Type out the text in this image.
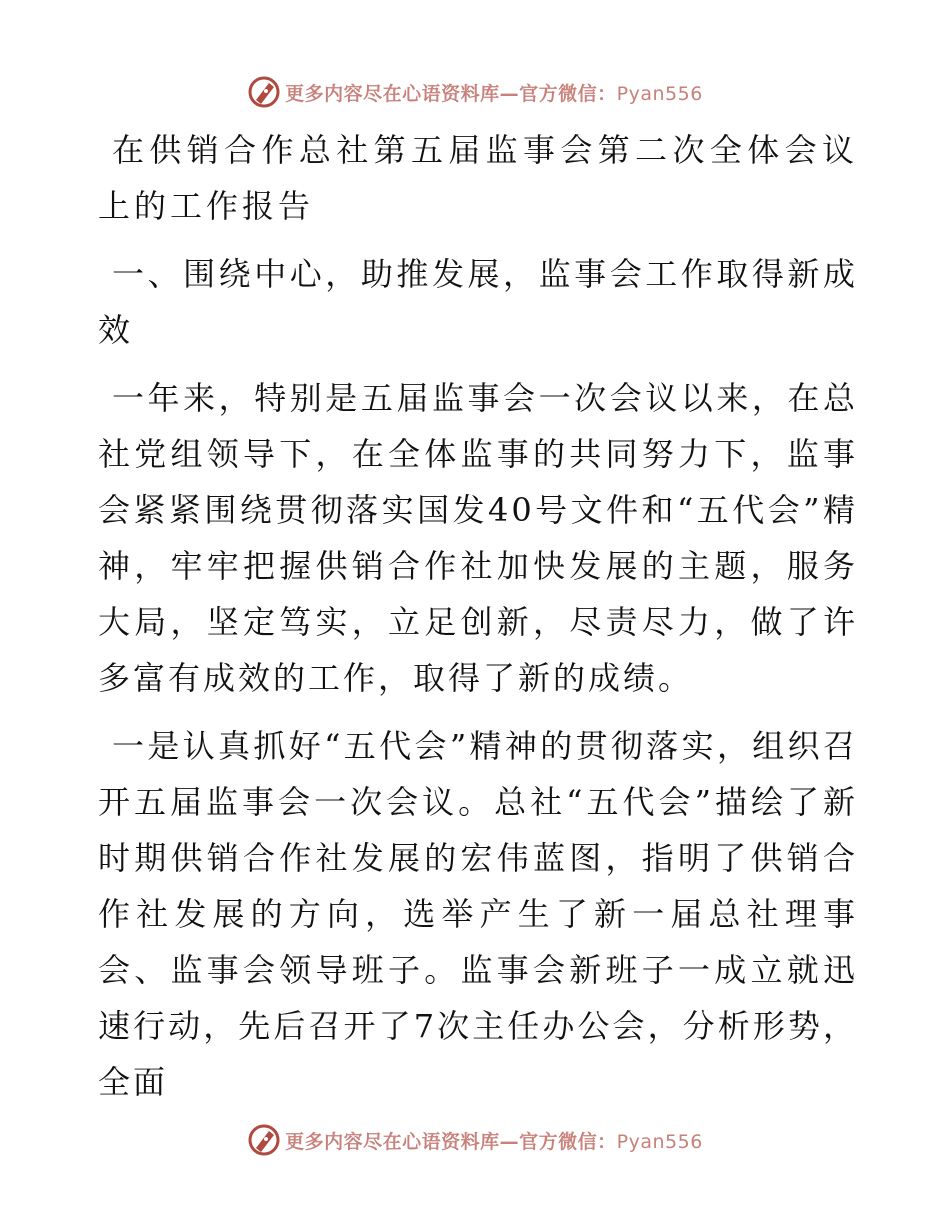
更多内容尽在心语资料库—官方微信：Pyan556

在供销合作总社第五届监事会第二次全体会议上的工作报告

一、围绕中心，助推发展，监事会工作取得新成效

一年来，特别是五届监事会一次会议以来，在总社党组领导下，在全体监事的共同努力下，监事会紧紧围绕贯彻落实国发40号文件和“五代会”精神，牢牢把握供销合作社加快发展的主题，服务大局，坚定笃实，立足创新，尽责尽力，做了许多富有成效的工作，取得了新的成绩。

一是认真抓好“五代会”精神的贯彻落实，组织召开五届监事会一次会议。总社“五代会”描绘了新时期供销合作社发展的宏伟蓝图，指明了供销合作社发展的方向，选举产生了新一届总社理事会、监事会领导班子。监事会新班子一成立就迅速行动，先后召开了7次主任办公会，分析形势，全面

更多内容尽在心语资料库—官方微信：Pyan556
